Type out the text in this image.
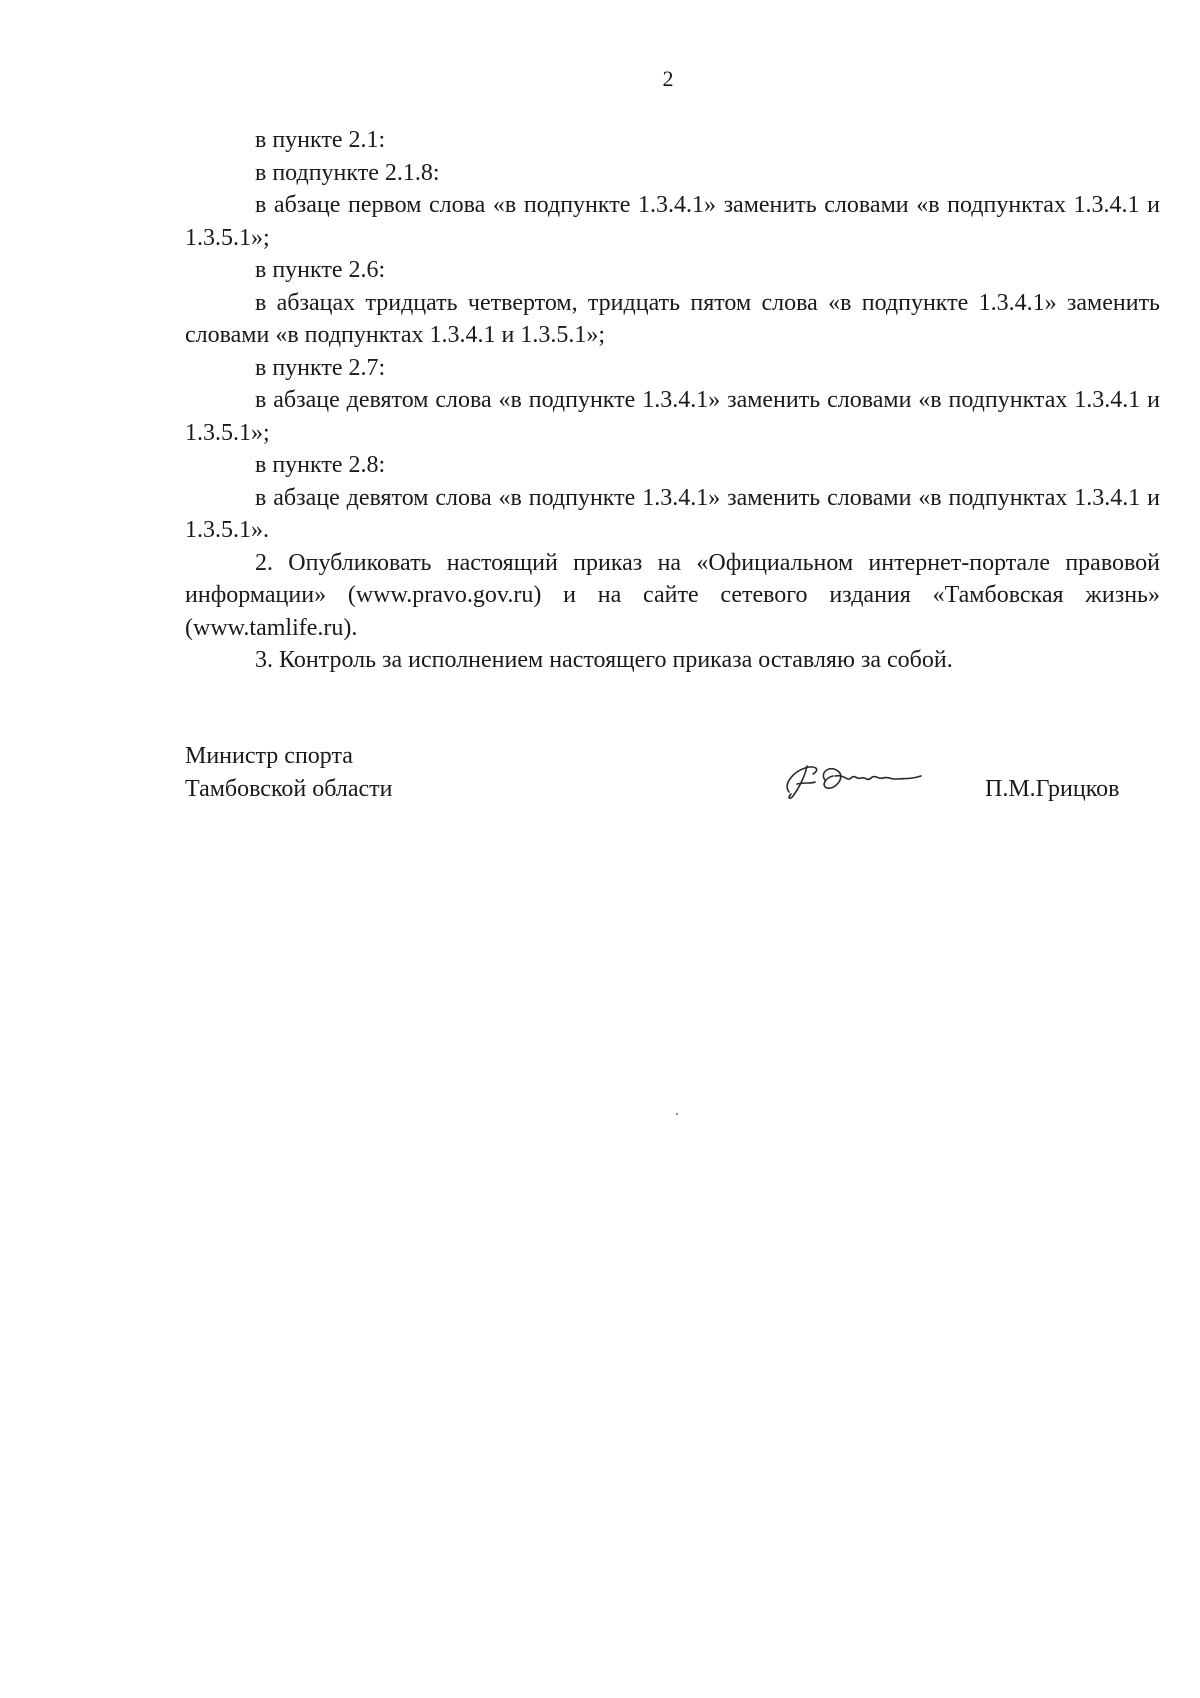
2

в пункте 2.1:

в подпункте 2.1.8:

в абзаце первом слова «в подпункте 1.3.4.1» заменить словами «в подпунктах 1.3.4.1 и 1.3.5.1»;

в пункте 2.6:

в абзацах тридцать четвертом, тридцать пятом слова «в подпункте 1.3.4.1» заменить словами «в подпунктах 1.3.4.1 и 1.3.5.1»;

в пункте 2.7:

в абзаце девятом слова «в подпункте 1.3.4.1» заменить словами «в подпунктах 1.3.4.1 и 1.3.5.1»;

в пункте 2.8:

в абзаце девятом слова «в подпункте 1.3.4.1» заменить словами «в подпунктах 1.3.4.1 и 1.3.5.1».

2. Опубликовать настоящий приказ на «Официальном интернет-портале правовой информации» (www.pravo.gov.ru) и на сайте сетевого издания «Тамбовская жизнь» (www.tamlife.ru).

3. Контроль за исполнением настоящего приказа оставляю за собой.

Министр спорта
Тамбовской области	П.М.Грицков
